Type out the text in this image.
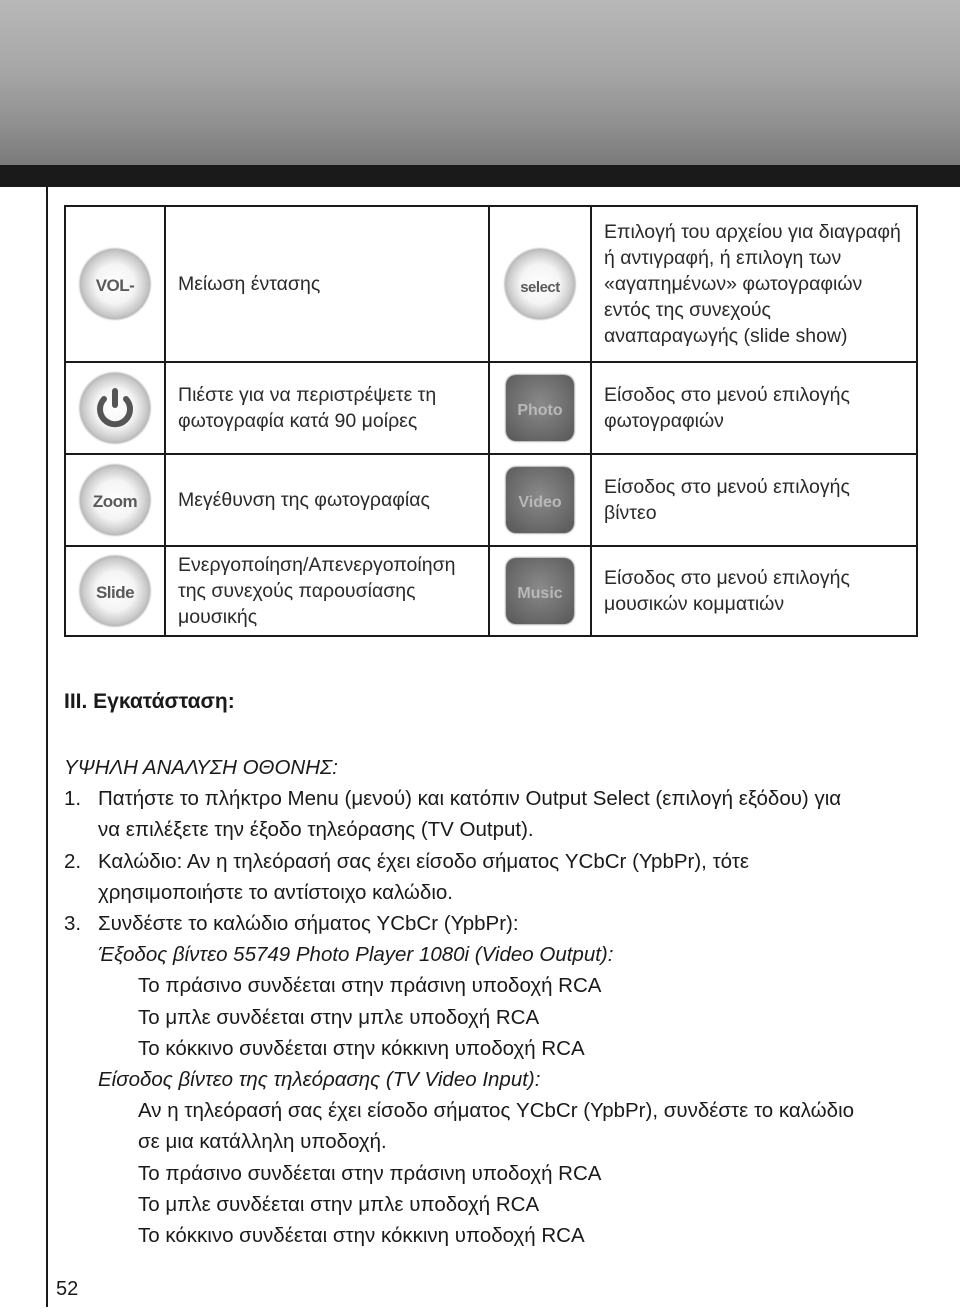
VOL-	Μείωση έντασης	select	Επιλογή του αρχείου για διαγραφή ή αντιγραφή, ή επιλογη των «αγαπημένων» φωτογραφιών εντός της συνεχούς αναπαραγωγής (slide show)

	Πιέστε για να περιστρέψετε τη φωτογραφία κατά 90 μοίρες	Photo	Είσοδος στο μενού επιλογής φωτογραφιών

Zoom	Μεγέθυνση της φωτογραφίας	Video	Είσοδος στο μενού επιλογής βίντεο

Slide	Ενεργοποίηση/Απενεργοποίηση της συνεχούς παρουσίασης μουσικής	Music	Είσοδος στο μενού επιλογής μουσικών κομματιών
III. Εγκατάσταση:
ΥΨΗΛΗ ΑΝΑΛΥΣΗ ΟΘΟΝΗΣ:
1. Πατήστε το πλήκτρο Menu (μενού) και κατόπιν Output Select (επιλογή εξόδου) για
να επιλέξετε την έξοδο τηλεόρασης (TV Output).
2. Καλώδιο: Αν η τηλεόρασή σας έχει είσοδο σήματος YCbCr (YpbPr), τότε
χρησιμοποιήστε το αντίστοιχο καλώδιο.
3. Συνδέστε το καλώδιο σήματος YCbCr (YpbPr):
Έξοδος βίντεο 55749 Photo Player 1080i (Video Output):
Το πράσινο συνδέεται στην πράσινη υποδοχή RCA
Το μπλε συνδέεται στην μπλε υποδοχή RCA
Το κόκκινο συνδέεται στην κόκκινη υποδοχή RCA
Είσοδος βίντεο της τηλεόρασης (TV Video Input):
Αν η τηλεόρασή σας έχει είσοδο σήματος YCbCr (YpbPr), συνδέστε το καλώδιο
σε μια κατάλληλη υποδοχή.
Το πράσινο συνδέεται στην πράσινη υποδοχή RCA
Το μπλε συνδέεται στην μπλε υποδοχή RCA
Το κόκκινο συνδέεται στην κόκκινη υποδοχή RCA
52
